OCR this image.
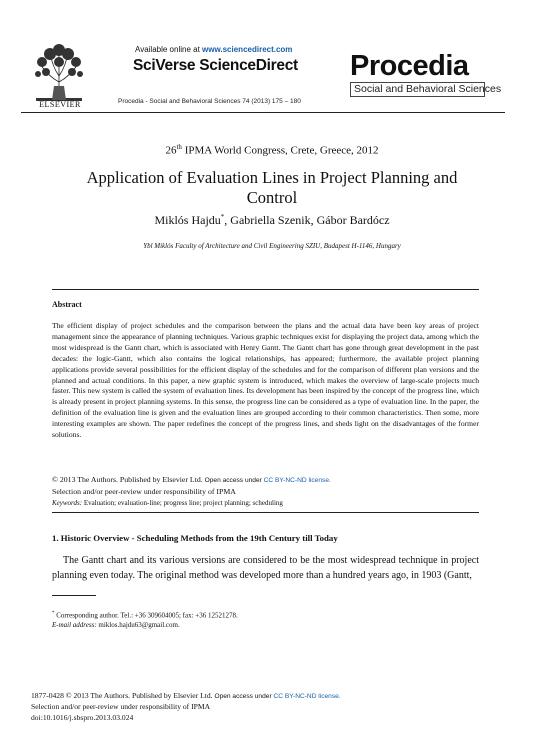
ELSEVIER
Available online at www.sciencedirect.com
SciVerse ScienceDirect
Procedia - Social and Behavioral Sciences 74 (2013) 175 – 180
Procedia
Social and Behavioral Sciences
26th IPMA World Congress, Crete, Greece, 2012
Application of Evaluation Lines in Project Planning and Control
Miklós Hajdu*, Gabriella Szenik, Gábor Bardócz
Ybl Miklós Faculty of Architecture and Civil Engineering SZIU, Budapest H-1146, Hungary
Abstract
The efficient display of project schedules and the comparison between the plans and the actual data have been key areas of project management since the appearance of planning techniques. Various graphic techniques exist for displaying the project data, among which the most widespread is the Gantt chart, which is associated with Henry Gantt. The Gantt chart has gone through great development in the past decades: the logic-Gantt, which also contains the logical relationships, has appeared; furthermore, the available project planning applications provide several possibilities for the efficient display of the schedules and for the comparison of different plan versions and the planned and actual conditions. In this paper, a new graphic system is introduced, which makes the overview of large-scale projects much faster. This new system is called the system of evaluation lines. Its development has been inspired by the concept of the progress line, which is already present in project planning systems. In this sense, the progress line can be considered as a type of evaluation line. In the paper, the definition of the evaluation line is given and the evaluation lines are grouped according to their common characteristics. Then some, more interesting examples are shown. The paper redefines the concept of the progress lines, and sheds light on the disadvantages of the former solutions.
© 2013 The Authors. Published by Elsevier Ltd. Open access under CC BY-NC-ND license.
Selection and/or peer-review under responsibility of IPMA
Keywords: Evaluation; evaluation-line; progress line; project planning; scheduling
1. Historic Overview - Scheduling Methods from the 19th Century till Today
The Gantt chart and its various versions are considered to be the most widespread technique in project planning even today. The original method was developed more than a hundred years ago, in 1903 (Gantt,
* Corresponding author. Tel.: +36 309604005; fax: +36 12521278.
E-mail address: miklos.hajdu63@gmail.com.
1877-0428 © 2013 The Authors. Published by Elsevier Ltd. Open access under CC BY-NC-ND license.
Selection and/or peer-review under responsibility of IPMA
doi:10.1016/j.sbspro.2013.03.024
